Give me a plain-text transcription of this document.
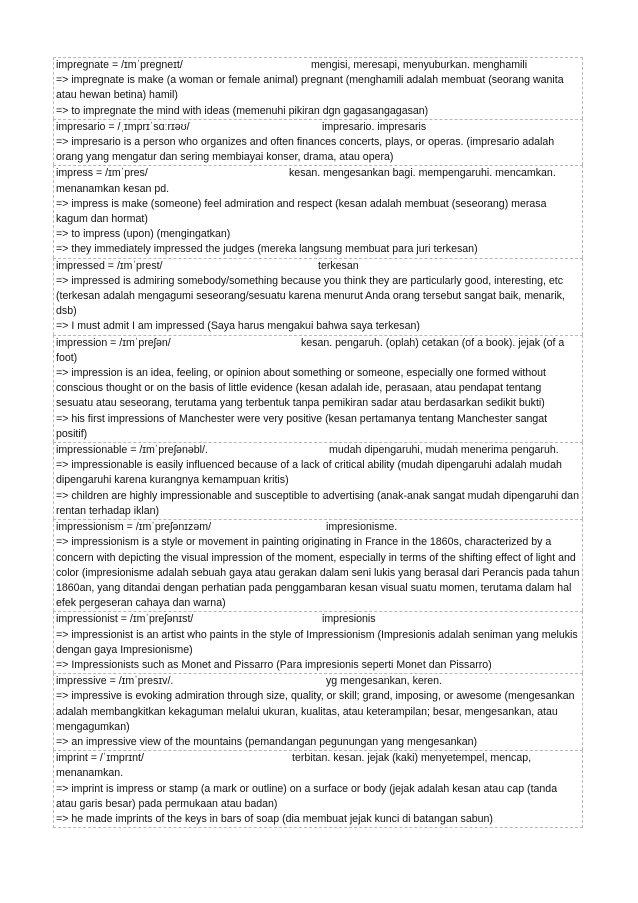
impregnate = /ɪmˈpreɡneɪt/	mengisi, meresapi, menyuburkan. menghamili
=> impregnate is make (a woman or female animal) pregnant (menghamili adalah membuat (seorang wanita atau hewan betina) hamil)
=> to impregnate the mind with ideas (memenuhi pikiran dgn gagasangagasan)
impresario = /ˌɪmprɪˈsɑːrɪəʊ/	impresario. impresaris
=> impresario is a person who organizes and often finances concerts, plays, or operas. (impresario adalah orang yang mengatur dan sering membiayai konser, drama, atau opera)
impress = /ɪmˈpres/	kesan. mengesankan bagi. mempengaruhi. mencamkan. menanamkan kesan pd.
=> impress is make (someone) feel admiration and respect (kesan adalah membuat (seseorang) merasa kagum dan hormat)
=> to impress (upon) (mengingatkan)
=> they immediately impressed the judges (mereka langsung membuat para juri terkesan)
impressed = /ɪmˈprest/	terkesan
=> impressed is admiring somebody/something because you think they are particularly good, interesting, etc (terkesan adalah mengagumi seseorang/sesuatu karena menurut Anda orang tersebut sangat baik, menarik, dsb)
=> I must admit I am impressed (Saya harus mengakui bahwa saya terkesan)
impression = /ɪmˈpreʃən/	kesan. pengaruh. (oplah) cetakan (of a book). jejak (of a foot)
=> impression is an idea, feeling, or opinion about something or someone, especially one formed without conscious thought or on the basis of little evidence (kesan adalah ide, perasaan, atau pendapat tentang sesuatu atau seseorang, terutama yang terbentuk tanpa pemikiran sadar atau berdasarkan sedikit bukti)
=> his first impressions of Manchester were very positive (kesan pertamanya tentang Manchester sangat positif)
impressionable = /ɪmˈpreʃənəbl/.	mudah dipengaruhi, mudah menerima pengaruh.
=> impressionable is easily influenced because of a lack of critical ability (mudah dipengaruhi adalah mudah dipengaruhi karena kurangnya kemampuan kritis)
=> children are highly impressionable and susceptible to advertising (anak-anak sangat mudah dipengaruhi dan rentan terhadap iklan)
impressionism = /ɪmˈpreʃənɪzəm/	impresionisme.
=> impressionism is a style or movement in painting originating in France in the 1860s, characterized by a concern with depicting the visual impression of the moment, especially in terms of the shifting effect of light and color (impresionisme adalah sebuah gaya atau gerakan dalam seni lukis yang berasal dari Perancis pada tahun 1860an, yang ditandai dengan perhatian pada penggambaran kesan visual suatu momen, terutama dalam hal efek pergeseran cahaya dan warna)
impressionist = /ɪmˈpreʃənɪst/	impresionis
=> impressionist is an artist who paints in the style of Impressionism (Impresionis adalah seniman yang melukis dengan gaya Impresionisme)
=> Impressionists such as Monet and Pissarro (Para impresionis seperti Monet dan Pissarro)
impressive = /ɪmˈpresɪv/.	yg mengesankan, keren.
=> impressive is evoking admiration through size, quality, or skill; grand, imposing, or awesome (mengesankan adalah membangkitkan kekaguman melalui ukuran, kualitas, atau keterampilan; besar, mengesankan, atau mengagumkan)
=> an impressive view of the mountains (pemandangan pegunungan yang mengesankan)
imprint = /ˈɪmprɪnt/	terbitan. kesan. jejak (kaki) menyetempel, mencap, menanamkan.
=> imprint is impress or stamp (a mark or outline) on a surface or body (jejak adalah kesan atau cap (tanda atau garis besar) pada permukaan atau badan)
=> he made imprints of the keys in bars of soap (dia membuat jejak kunci di batangan sabun)
